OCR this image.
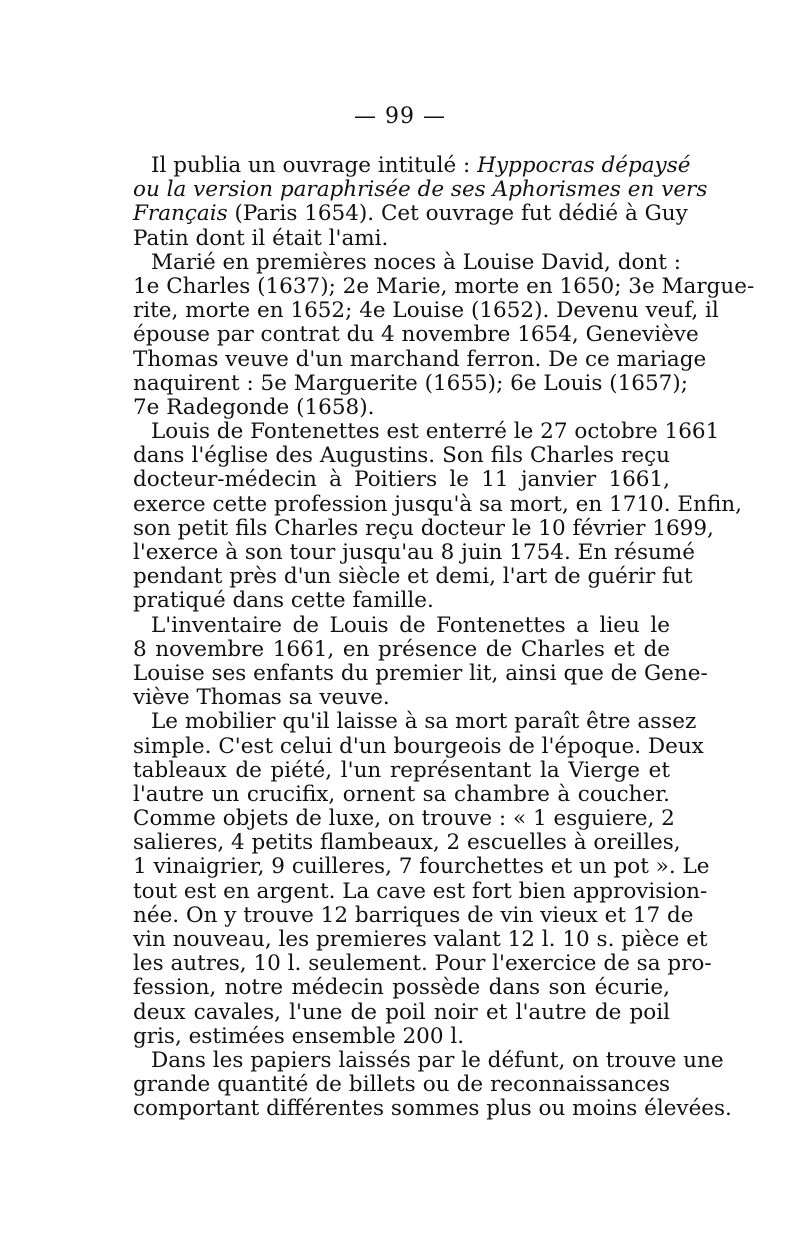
— 99 —
Il publia un ouvrage intitulé : Hyppocras dépaysé
ou la version paraphrisée de ses Aphorismes en vers
Français (Paris 1654). Cet ouvrage fut dédié à Guy
Patin dont il était l'ami.
Marié en premières noces à Louise David, dont :
1e Charles (1637); 2e Marie, morte en 1650; 3e Margue-
rite, morte en 1652; 4e Louise (1652). Devenu veuf, il
épouse par contrat du 4 novembre 1654, Geneviève
Thomas veuve d'un marchand ferron. De ce mariage
naquirent : 5e Marguerite (1655); 6e Louis (1657);
7e Radegonde (1658).
Louis de Fontenettes est enterré le 27 octobre 1661
dans l'église des Augustins. Son fils Charles reçu
docteur-médecin à Poitiers le 11 janvier 1661,
exerce cette profession jusqu'à sa mort, en 1710. Enfin,
son petit fils Charles reçu docteur le 10 février 1699,
l'exerce à son tour jusqu'au 8 juin 1754. En résumé
pendant près d'un siècle et demi, l'art de guérir fut
pratiqué dans cette famille.
L'inventaire de Louis de Fontenettes a lieu le
8 novembre 1661, en présence de Charles et de
Louise ses enfants du premier lit, ainsi que de Gene-
viève Thomas sa veuve.
Le mobilier qu'il laisse à sa mort paraît être assez
simple. C'est celui d'un bourgeois de l'époque. Deux
tableaux de piété, l'un représentant la Vierge et
l'autre un crucifix, ornent sa chambre à coucher.
Comme objets de luxe, on trouve : « 1 esguiere, 2
salieres, 4 petits flambeaux, 2 escuelles à oreilles,
1 vinaigrier, 9 cuilleres, 7 fourchettes et un pot ». Le
tout est en argent. La cave est fort bien approvision-
née. On y trouve 12 barriques de vin vieux et 17 de
vin nouveau, les premieres valant 12 l. 10 s. pièce et
les autres, 10 l. seulement. Pour l'exercice de sa pro-
fession, notre médecin possède dans son écurie,
deux cavales, l'une de poil noir et l'autre de poil
gris, estimées ensemble 200 l.
Dans les papiers laissés par le défunt, on trouve une
grande quantité de billets ou de reconnaissances
comportant différentes sommes plus ou moins élevées.
